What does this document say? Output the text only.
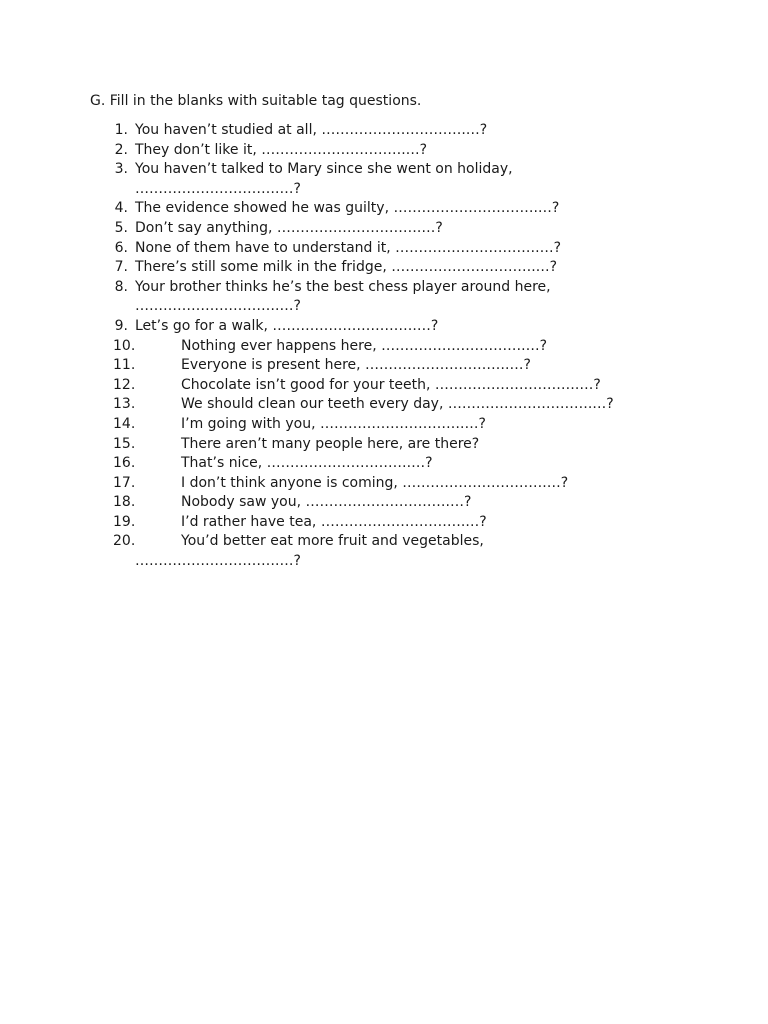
G. Fill in the blanks with suitable tag questions.
1. You haven’t studied at all, ………………………….…?
2. They don’t like it, ………………………….…?
3. You haven’t talked to Mary since she went on holiday,
………………………….…?
4. The evidence showed he was guilty, ………………………….…?
5. Don’t say anything, ………………………….…?
6. None of them have to understand it, ………………………….…?
7. There’s still some milk in the fridge, ………………………….…?
8. Your brother thinks he’s the best chess player around here,
………………………….…?
9. Let’s go for a walk, ………………………….…?
10.	Nothing ever happens here, ………………………….…?
11.	Everyone is present here, ………………………….…?
12.	Chocolate isn’t good for your teeth, ………………………….…?
13.	We should clean our teeth every day, ………………………….…?
14.	I’m going with you, ………………………….…?
15.	There aren’t many people here, are there?
16.	That’s nice, ………………………….…?
17.	I don’t think anyone is coming, ………………………….…?
18.	Nobody saw you, ………………………….…?
19.	I’d rather have tea, ………………………….…?
20.	You’d better eat more fruit and vegetables,
………………………….…?
